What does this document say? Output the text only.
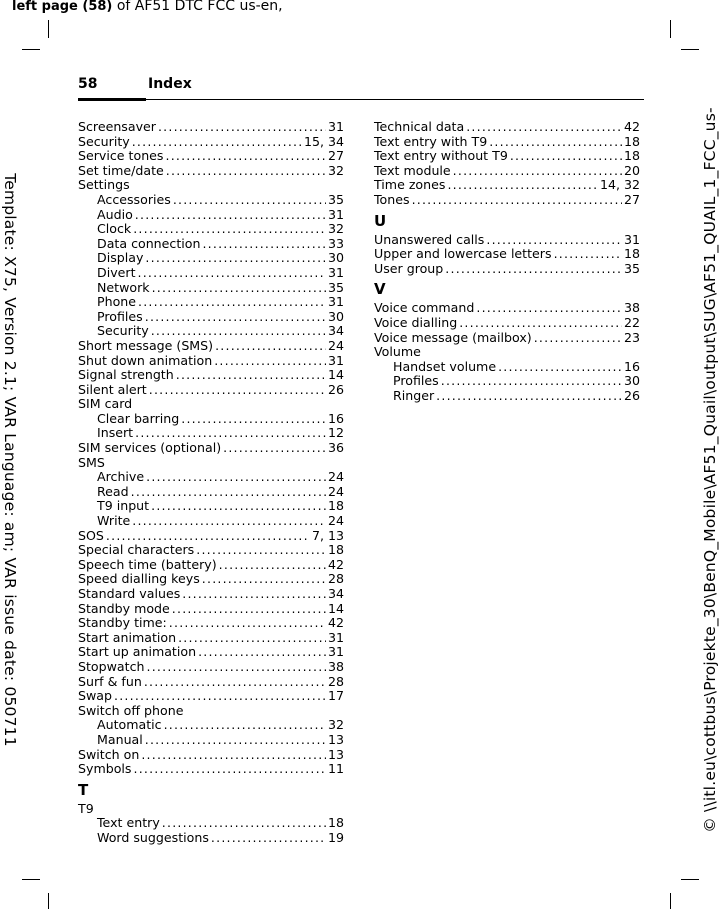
left page (58) of AF51 DTC FCC us-en,
Template: X75, Version 2.1; VAR Language: am; VAR issue date: 050711	© \\itl.eu\cottbus\Projekte_30\BenQ_Mobile\AF51_Quail\output\SUG\AF51_QUAIL_1_FCC_us-
58	Index
Screensaver .....	31
Security .....	15, 34
Service tones .....	27
Set time/date .....	32
Settings
Accessories .....	35
Audio .....	31
Clock .....	32
Data connection .....	33
Display .....	30
Divert .....	31
Network .....	35
Phone .....	31
Profiles .....	30
Security .....	34
Short message (SMS) .....	24
Shut down animation .....	31
Signal strength .....	14
Silent alert .....	26
SIM card
Clear barring .....	16
Insert .....	12
SIM services (optional) .....	36
SMS
Archive .....	24
Read .....	24
T9 input .....	18
Write .....	24
SOS .....	7, 13
Special characters .....	18
Speech time (battery) .....	42
Speed dialling keys .....	28
Standard values .....	34
Standby mode .....	14
Standby time: .....	42
Start animation .....	31
Start up animation .....	31
Stopwatch .....	38
Surf & fun .....	28
Swap .....	17
Switch off phone
Automatic .....	32
Manual .....	13
Switch on .....	13
Symbols .....	11
T
T9
Text entry .....	18
Word suggestions .....	19
Technical data .....	42
Text entry with T9 .....	18
Text entry without T9 .....	18
Text module .....	20
Time zones .....	14, 32
Tones .....	27
U
Unanswered calls .....	31
Upper and lowercase letters .....	18
User group .....	35
V
Voice command .....	38
Voice dialling .....	22
Voice message (mailbox) .....	23
Volume
Handset volume .....	16
Profiles .....	30
Ringer .....	26
